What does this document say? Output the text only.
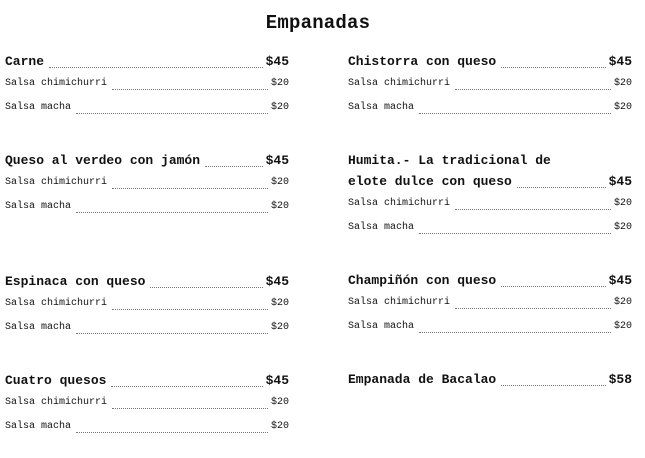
Empanadas
Carne	$45
Salsa chimichurri	$20
Salsa macha	$20
Queso al verdeo con jamón	$45
Salsa chimichurri	$20
Salsa macha	$20
Espinaca con queso	$45
Salsa chimichurri	$20
Salsa macha	$20
Cuatro quesos	$45
Salsa chimichurri	$20
Salsa macha	$20
Chistorra con queso	$45
Salsa chimichurri	$20
Salsa macha	$20
Humita.- La tradicional de
elote dulce con queso	$45
Salsa chimichurri	$20
Salsa macha	$20
Champiñón con queso	$45
Salsa chimichurri	$20
Salsa macha	$20
Empanada de Bacalao	$58
